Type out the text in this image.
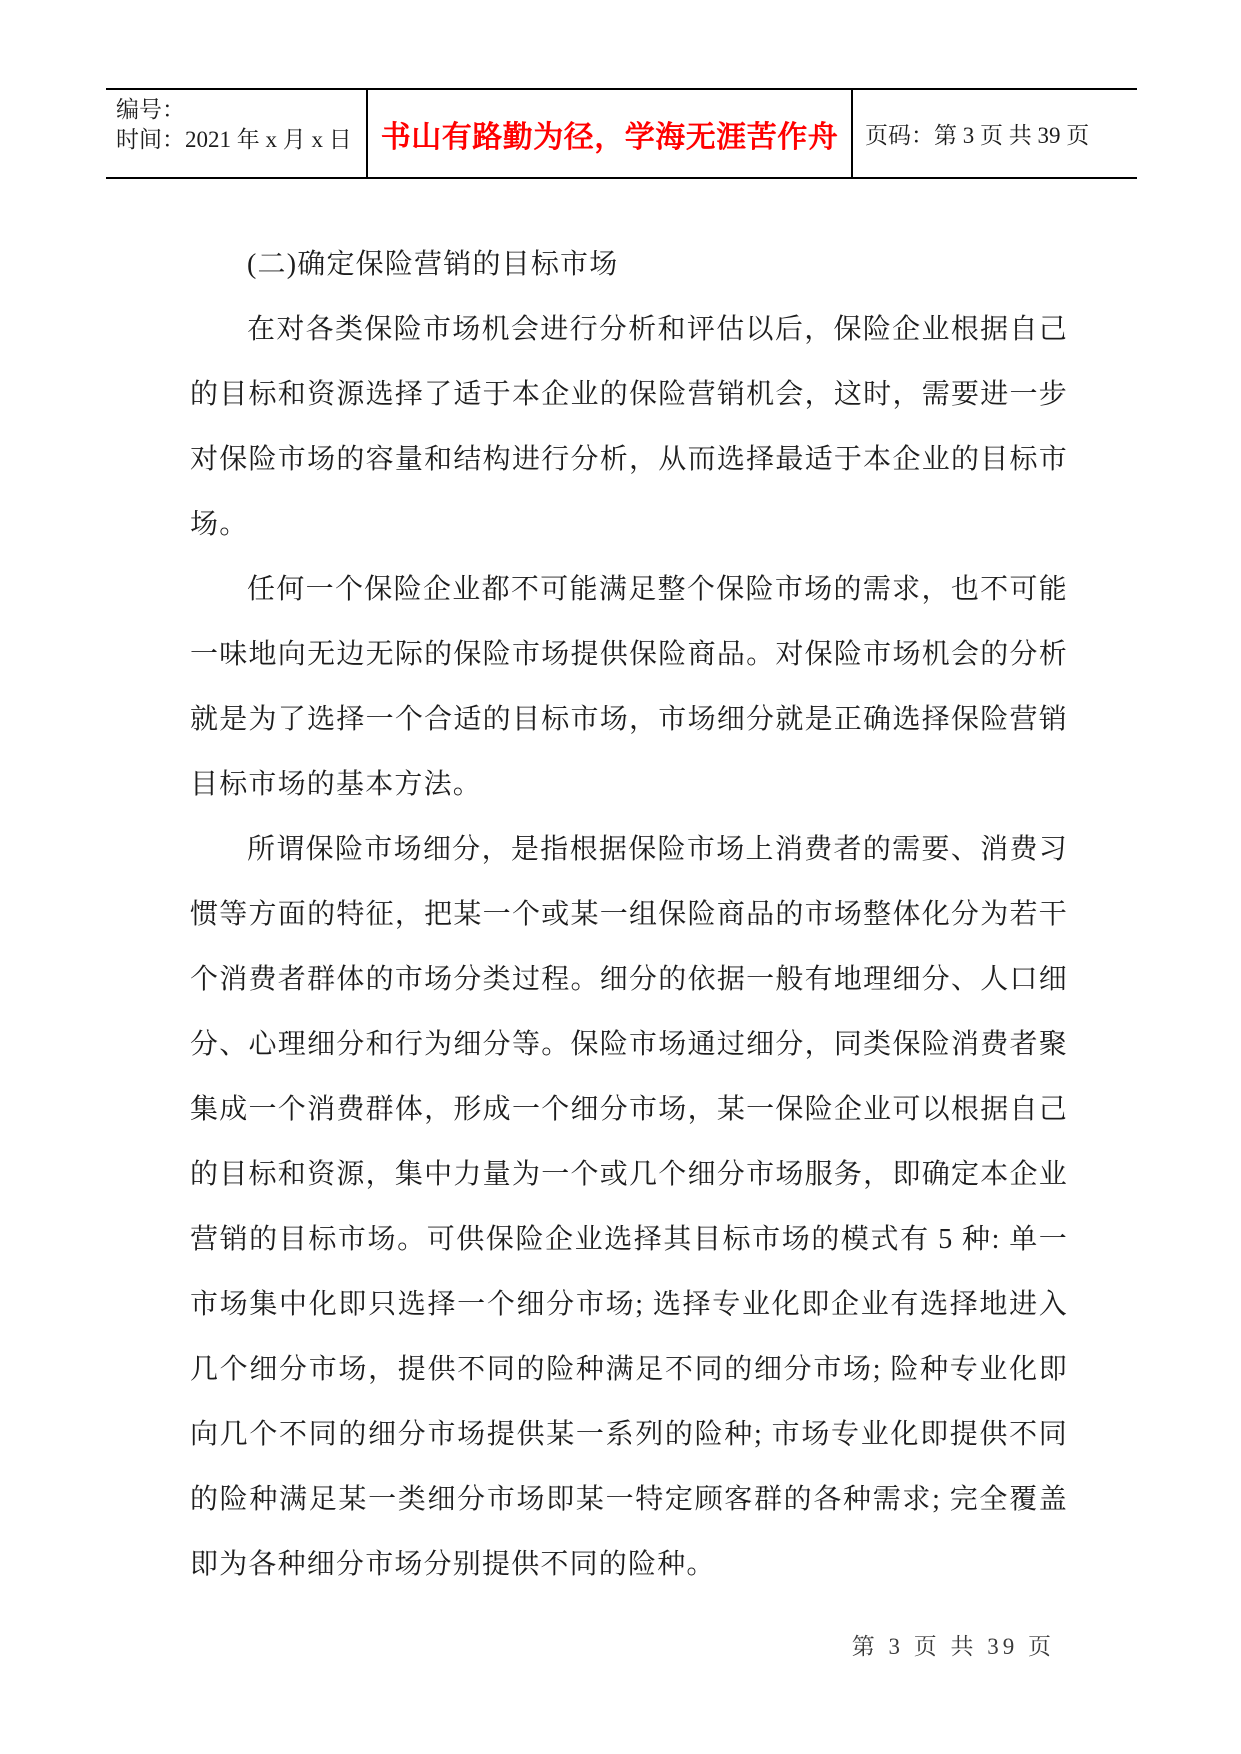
编号：
时间：2021 年 x 月 x 日 书山有路勤为径，学海无涯苦作舟 页码：第 3 页 共 39 页
(二)确定保险营销的目标市场
在对各类保险市场机会进行分析和评估以后，保险企业根据自己
的目标和资源选择了适于本企业的保险营销机会，这时，需要进一步
对保险市场的容量和结构进行分析，从而选择最适于本企业的目标市
场。
任何一个保险企业都不可能满足整个保险市场的需求，也不可能
一味地向无边无际的保险市场提供保险商品。对保险市场机会的分析
就是为了选择一个合适的目标市场，市场细分就是正确选择保险营销
目标市场的基本方法。
所谓保险市场细分，是指根据保险市场上消费者的需要、消费习
惯等方面的特征，把某一个或某一组保险商品的市场整体化分为若干
个消费者群体的市场分类过程。细分的依据一般有地理细分、人口细
分、心理细分和行为细分等。保险市场通过细分，同类保险消费者聚
集成一个消费群体，形成一个细分市场，某一保险企业可以根据自己
的目标和资源，集中力量为一个或几个细分市场服务，即确定本企业
营销的目标市场。可供保险企业选择其目标市场的模式有 5 种: 单一
市场集中化即只选择一个细分市场; 选择专业化即企业有选择地进入
几个细分市场，提供不同的险种满足不同的细分市场; 险种专业化即
向几个不同的细分市场提供某一系列的险种; 市场专业化即提供不同
的险种满足某一类细分市场即某一特定顾客群的各种需求; 完全覆盖
即为各种细分市场分别提供不同的险种。
第 3 页 共 39 页
